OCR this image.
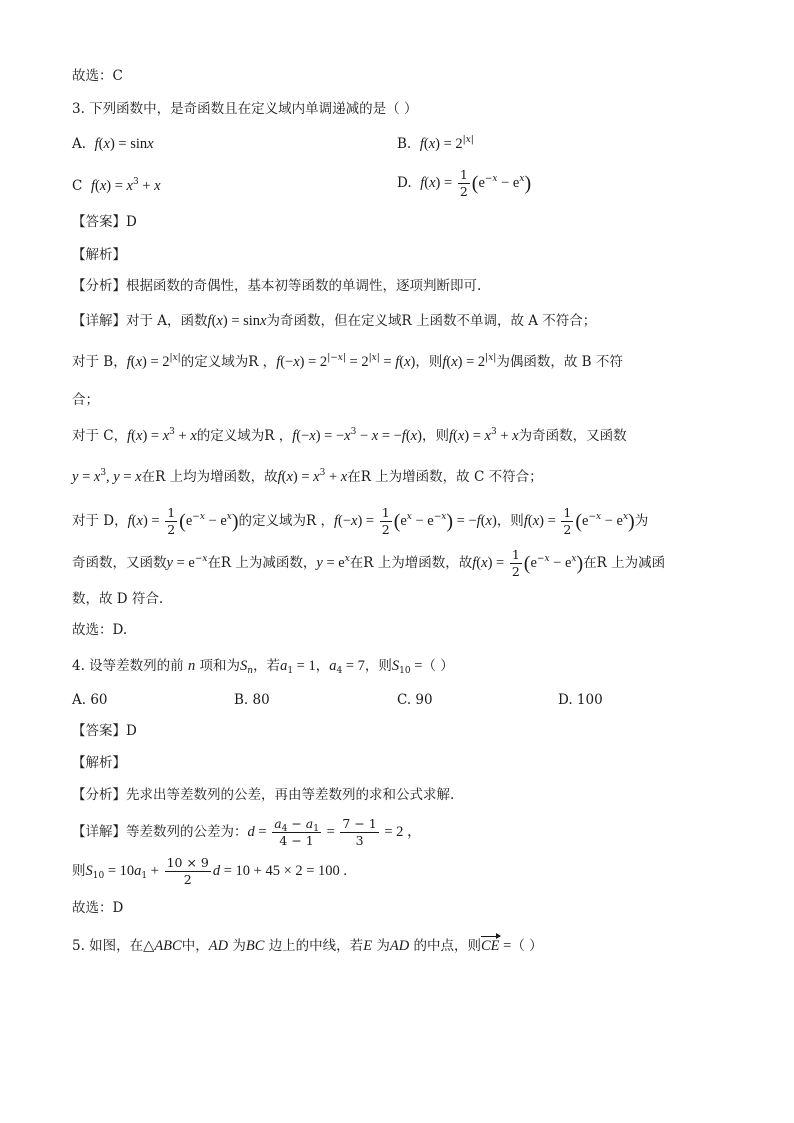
故选：C
3. 下列函数中，是奇函数且在定义域内单调递减的是（ ）
A. f(x) = sinx	B. $f(x) = 2^{|x|}$
C $f(x) = x^3 + x$	D. $f(x) = \frac{1}{2} (e^{-x} - e^x)$
【答案】D
【解析】
【分析】根据函数的奇偶性，基本初等函数的单调性，逐项判断即可.
【详解】对于 A，函数f(x) = sinx为奇函数，但在定义域R 上函数不单调，故 A 不符合；
对于 B，$f(x) = 2^{|x|}$的定义域为R ，$f(-x) = 2^{|-x|} = 2^{|x|} = f(x)$，则$f(x) = 2^{|x|}$为偶函数，故 B 不符
合；
对于 C，$f(x) = x^3 + x$的定义域为R ，$f(-x) = -x^3 - x = -f(x)$，则$f(x) = x^3 + x$为奇函数，又函数
$y = x^3$, y = x在R 上均为增函数，故$f(x) = x^3 + x$在R 上为增函数，故 C 不符合；
对于 D，$f(x) = \frac{1}{2} (e^{-x} - e^x)$的定义域为R ，$f(-x) = \frac{1}{2} (e^x - e^{-x}) = -f(x)$，则$f(x) = \frac{1}{2} (e^{-x} - e^x)$为
奇函数，又函数$y = e^{-x}$在R 上为减函数，$y = e^x$在R 上为增函数，故$f(x) = \frac{1}{2} (e^{-x} - e^x)$在R 上为减函
数，故 D 符合.
故选：D.
4. 设等差数列的前 n 项和为$S_n$，若$a_1 = 1$，$a_4 = 7$，则$S_{10}$ =（ ）
A. 60	B. 80	C. 90	D. 100
【答案】D
【解析】
【分析】先求出等差数列的公差，再由等差数列的求和公式求解.
【详解】等差数列的公差为：$d = \frac{a_4 - a_1}{4 - 1} = \frac{7 - 1}{3} = 2$ ，
则$S_{10} = 10a_1 + \frac{10 \times 9}{2}$ d = 10 + 45 × 2 = 100 .
故选：D
5. 如图，在△ABC中，AD 为BC 边上的中线，若E 为AD 的中点，则CE =（ ）
